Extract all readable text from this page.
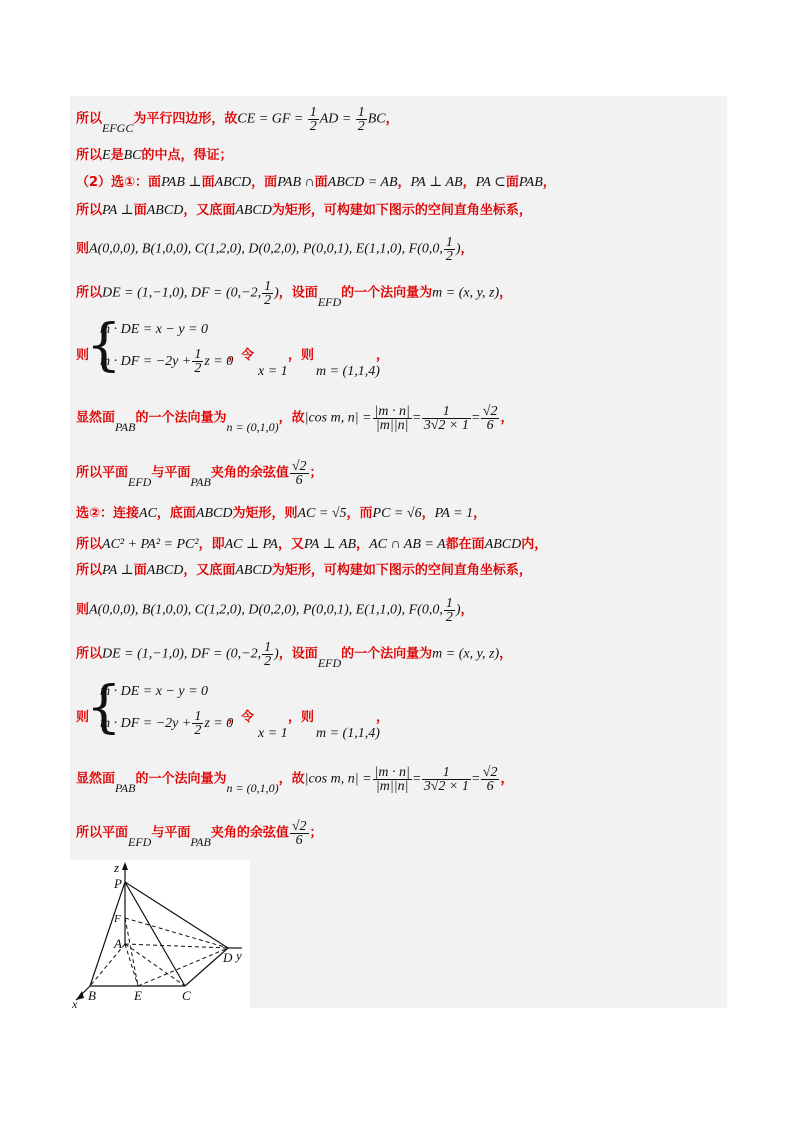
所以EFGC为平行四边形，故CE = GF = $\frac{1}{2}$ AD = $\frac{1}{2}$ BC，
所以E是BC的中点，得证；
（2）选①：面PAB ⊥面ABCD，面PAB ∩面ABCD = AB，PA ⊥ AB，PA ⊂面PAB，
所以PA ⊥面ABCD，又底面ABCD为矩形，可构建如下图示的空间直角坐标系，
则A(0,0,0), B(1,0,0), C(1,2,0), D(0,2,0), P(0,0,1), E(1,1,0), F(0,0, $\frac{1}{2}$ )，
所以DE = (1,−1,0), DF = (0,−2, $\frac{1}{2}$ )，设面EFD的一个法向量为m = (x, y, z)，
则
{
m · DE = x − y = 0
m · DF = $-2y + \frac{1}{2}$ z = 0
，令
x = 1
，则
m = (1,1,4)
，
显然面PAB的一个法向量为n = (0,1,0)，故|cos m, $n| = \frac{|m \cdot n|}{|m||n|} = \frac{1}{3√2 \times 1} = \frac{√2}{6}$ ，
所以平面EFD与平面PAB夹角的余弦值 $\frac{√2}{6}$ ；
选②：连接AC，底面ABCD为矩形，则AC = √5，而PC = √6，PA = 1，
所以AC² + PA² = PC²，即AC ⊥ PA，又PA ⊥ AB，AC ∩ AB = A都在面ABCD内，
所以PA ⊥面ABCD，又底面ABCD为矩形，可构建如下图示的空间直角坐标系，
则A(0,0,0), B(1,0,0), C(1,2,0), D(0,2,0), P(0,0,1), E(1,1,0), F(0,0, $\frac{1}{2}$ )，
所以DE = (1,−1,0), DF = (0,−2, $\frac{1}{2}$ )，设面EFD的一个法向量为m = (x, y, z)，
则
{
m · DE = x − y = 0
m · DF = $-2y + \frac{1}{2}$ z = 0
，令
x = 1
，则
m = (1,1,4)
，
显然面PAB的一个法向量为n = (0,1,0)，故|cos m, $n| = \frac{|m \cdot n|}{|m||n|} = \frac{1}{3√2 \times 1} = \frac{√2}{6}$ ，
所以平面EFD与平面PAB夹角的余弦值 $\frac{√2}{6}$ ；
z
P
F
A
D y
B	E	C
x
